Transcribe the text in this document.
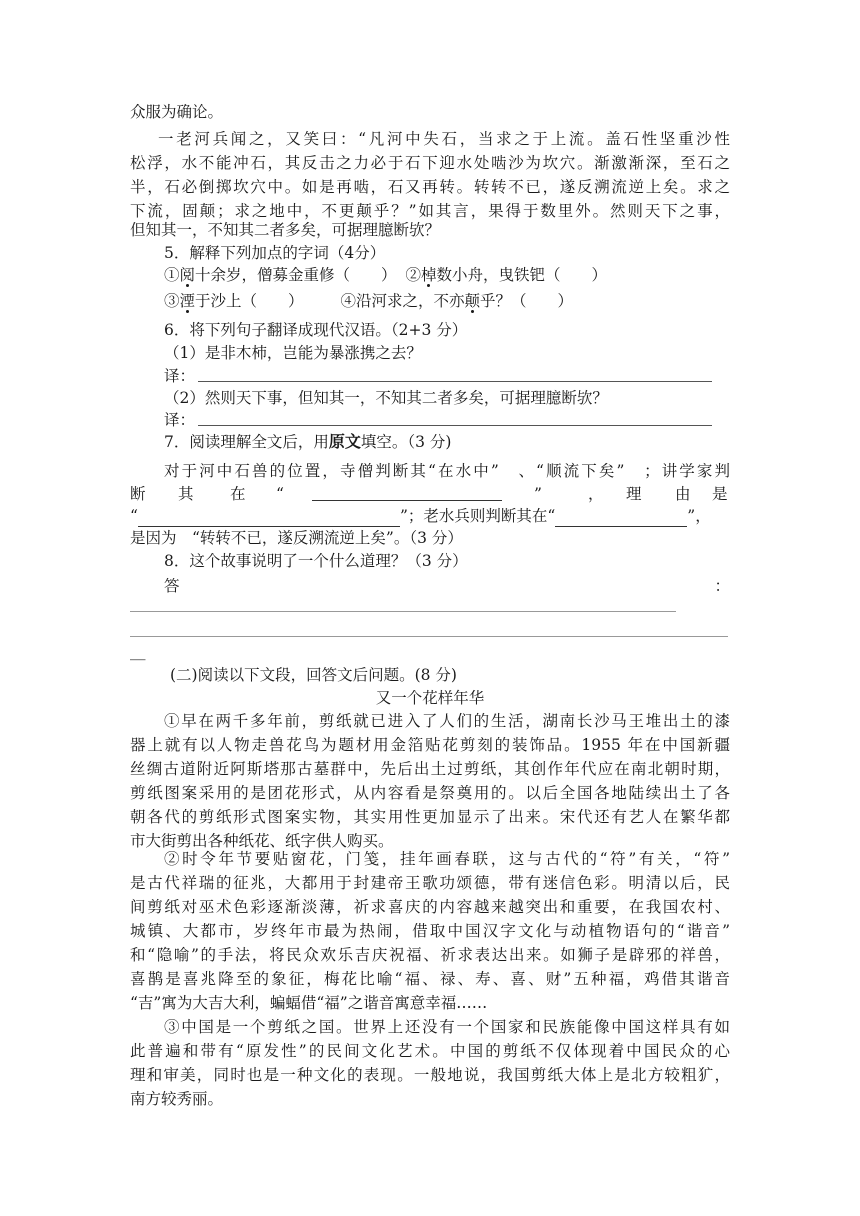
众服为确论。
一老河兵闻之，又笑曰：“凡河中失石，当求之于上流。盖石性坚重沙性
松浮，水不能冲石，其反击之力必于石下迎水处啮沙为坎穴。渐激渐深，至石之
半，石必倒掷坎穴中。如是再啮，石又再转。转转不已，遂反溯流逆上矣。求之
下流，固颠；求之地中，不更颠乎？”如其言，果得于数里外。然则天下之事，
但知其一，不知其二者多矣，可据理臆断欤？
5．解释下列加点的字词（4分）
①阅十余岁，僧募金重修（　　） ②棹数小舟，曳铁钯（　　）
③湮于沙上（　　） ④沿河求之，不亦颠乎？（　　）
6．将下列句子翻译成现代汉语。（2+3 分）
（1）是非木杮，岂能为暴涨携之去？
译：
（2）然则天下事，但知其一，不知其二者多矣，可据理臆断欤？
译：
7．阅读理解全文后，用原文填空。（3 分)
对于河中石兽的位置，寺僧判断其“在水中”　、“顺流下矣”　；讲学家判
断 其 在 “	”	， 理 由 是
“	”；老水兵则判断其在“	”，
是因为　“转转不已，遂反溯流逆上矣”。（3 分）
8．这个故事说明了一个什么道理？（3 分）
答	：
＿
(二)阅读以下文段，回答文后问题。(8 分)
又一个花样年华
①早在两千多年前，剪纸就已进入了人们的生活，湖南长沙马王堆出土的漆
器上就有以人物走兽花鸟为题材用金箔贴花剪刻的装饰品。1955 年在中国新疆
丝绸古道附近阿斯塔那古墓群中，先后出土过剪纸，其创作年代应在南北朝时期，
剪纸图案采用的是团花形式，从内容看是祭奠用的。以后全国各地陆续出土了各
朝各代的剪纸形式图案实物，其实用性更加显示了出来。宋代还有艺人在繁华都
市大街剪出各种纸花、纸字供人购买。
②时令年节要贴窗花，门笺，挂年画春联，这与古代的“符”有关，“符”
是古代祥瑞的征兆，大都用于封建帝王歌功颂德，带有迷信色彩。明清以后，民
间剪纸对巫术色彩逐渐淡薄，祈求喜庆的内容越来越突出和重要，在我国农村、
城镇、大都市，岁终年市最为热闹，借取中国汉字文化与动植物语句的“谐音”
和“隐喻”的手法，将民众欢乐吉庆祝福、祈求表达出来。如狮子是辟邪的祥兽，
喜鹊是喜兆降至的象征，梅花比喻“福、禄、寿、喜、财”五种福，鸡借其谐音
“吉”寓为大吉大利，蝙蝠借“福”之谐音寓意幸福……
③中国是一个剪纸之国。世界上还没有一个国家和民族能像中国这样具有如
此普遍和带有“原发性”的民间文化艺术。中国的剪纸不仅体现着中国民众的心
理和审美，同时也是一种文化的表现。一般地说，我国剪纸大体上是北方较粗犷，
南方较秀丽。
